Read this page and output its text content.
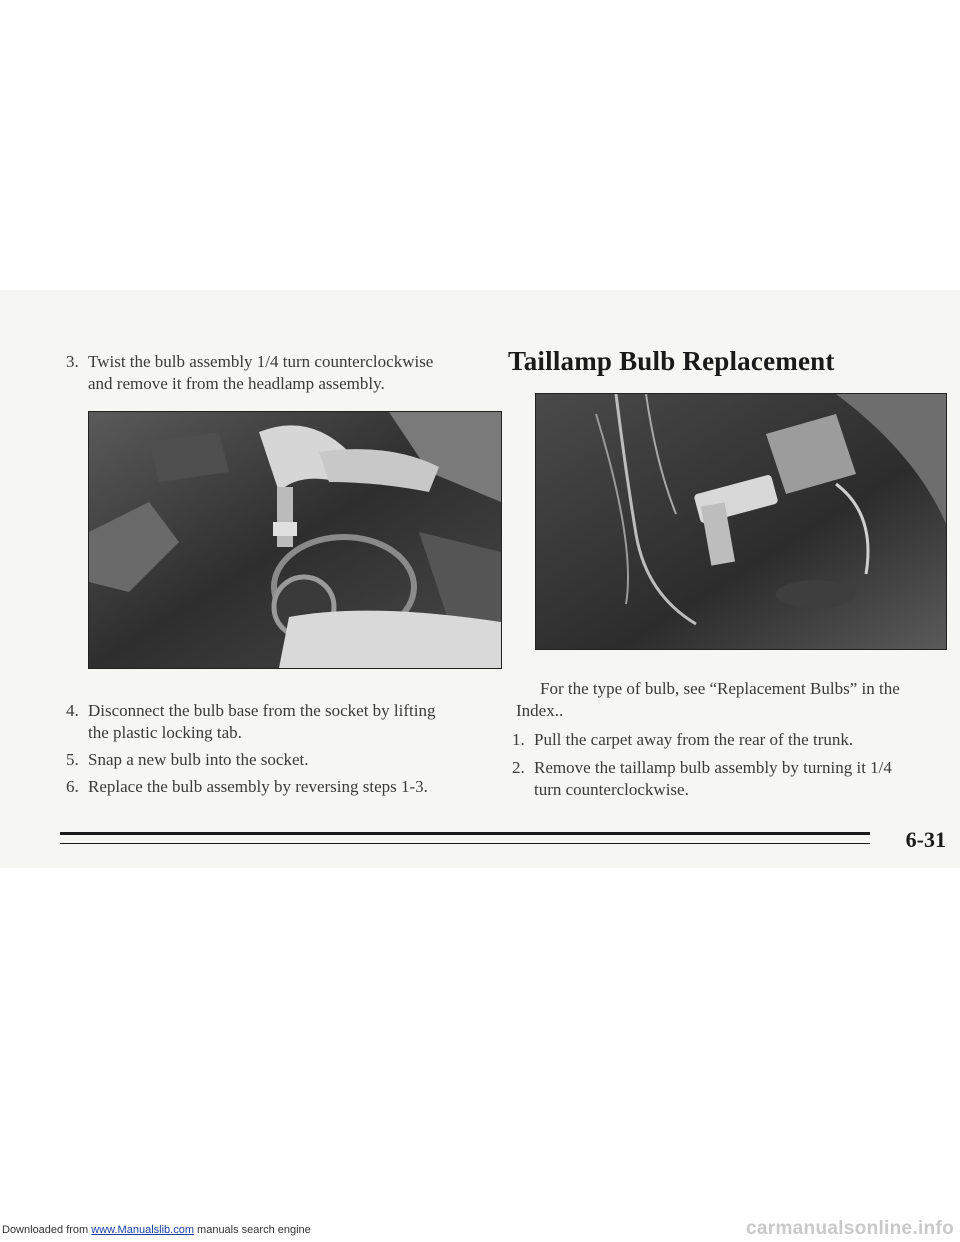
3. Twist the bulb assembly 1/4 turn counterclockwise
and remove it from the headlamp assembly.
4. Disconnect the bulb base from the socket by lifting
the plastic locking tab.
5. Snap a new bulb into the socket.
6. Replace the bulb assembly by reversing steps 1-3.
Taillamp Bulb Replacement
For the type of bulb, see “Replacement Bulbs” in the
Index..
1. Pull the carpet away from the rear of the trunk.
2. Remove the taillamp bulb assembly by turning it 1/4
turn counterclockwise.
6-31
Downloaded from www.Manualslib.com manuals search engine	carmanualsonline.info
